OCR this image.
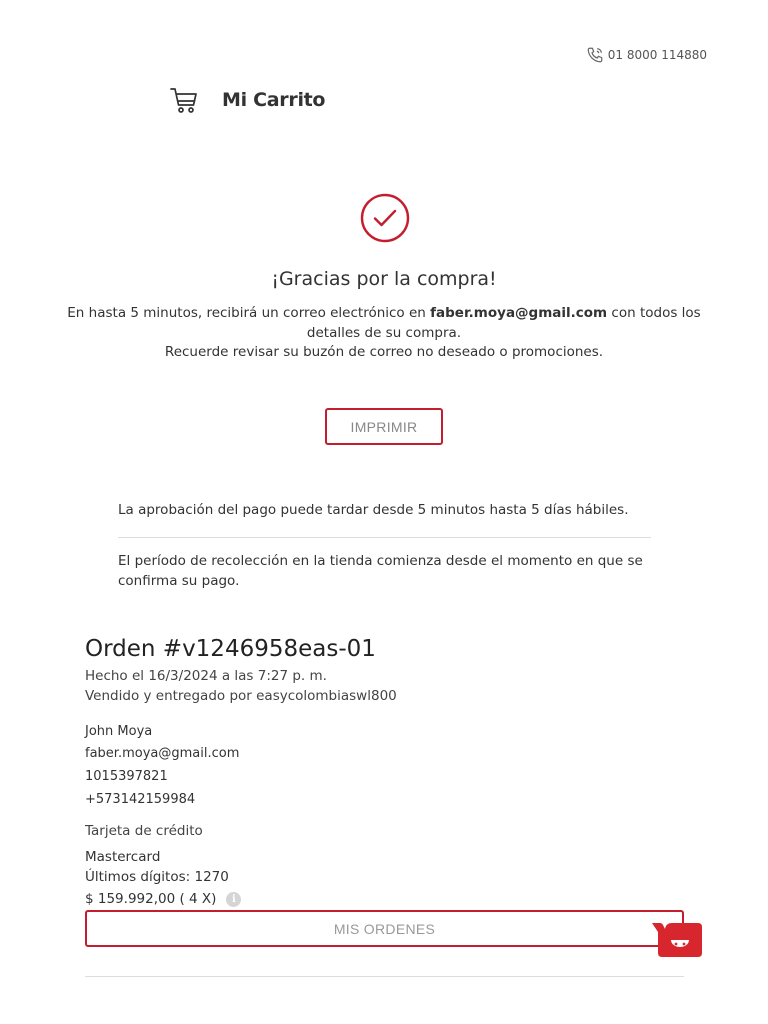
01 8000 114880
Mi Carrito
¡Gracias por la compra!
En hasta 5 minutos, recibirá un correo electrónico en faber.moya@gmail.com con todos los detalles de su compra.
Recuerde revisar su buzón de correo no deseado o promociones.
IMPRIMIR
La aprobación del pago puede tardar desde 5 minutos hasta 5 días hábiles.
El período de recolección en la tienda comienza desde el momento en que se confirma su pago.
Orden #v1246958eas-01
Hecho el 16/3/2024 a las 7:27 p. m.
Vendido y entregado por easycolombiaswl800
John Moya
faber.moya@gmail.com
1015397821
+573142159984
Tarjeta de crédito
Mastercard
Últimos dígitos: 1270
$ 159.992,00 ( 4 X)	i
MIS ORDENES
